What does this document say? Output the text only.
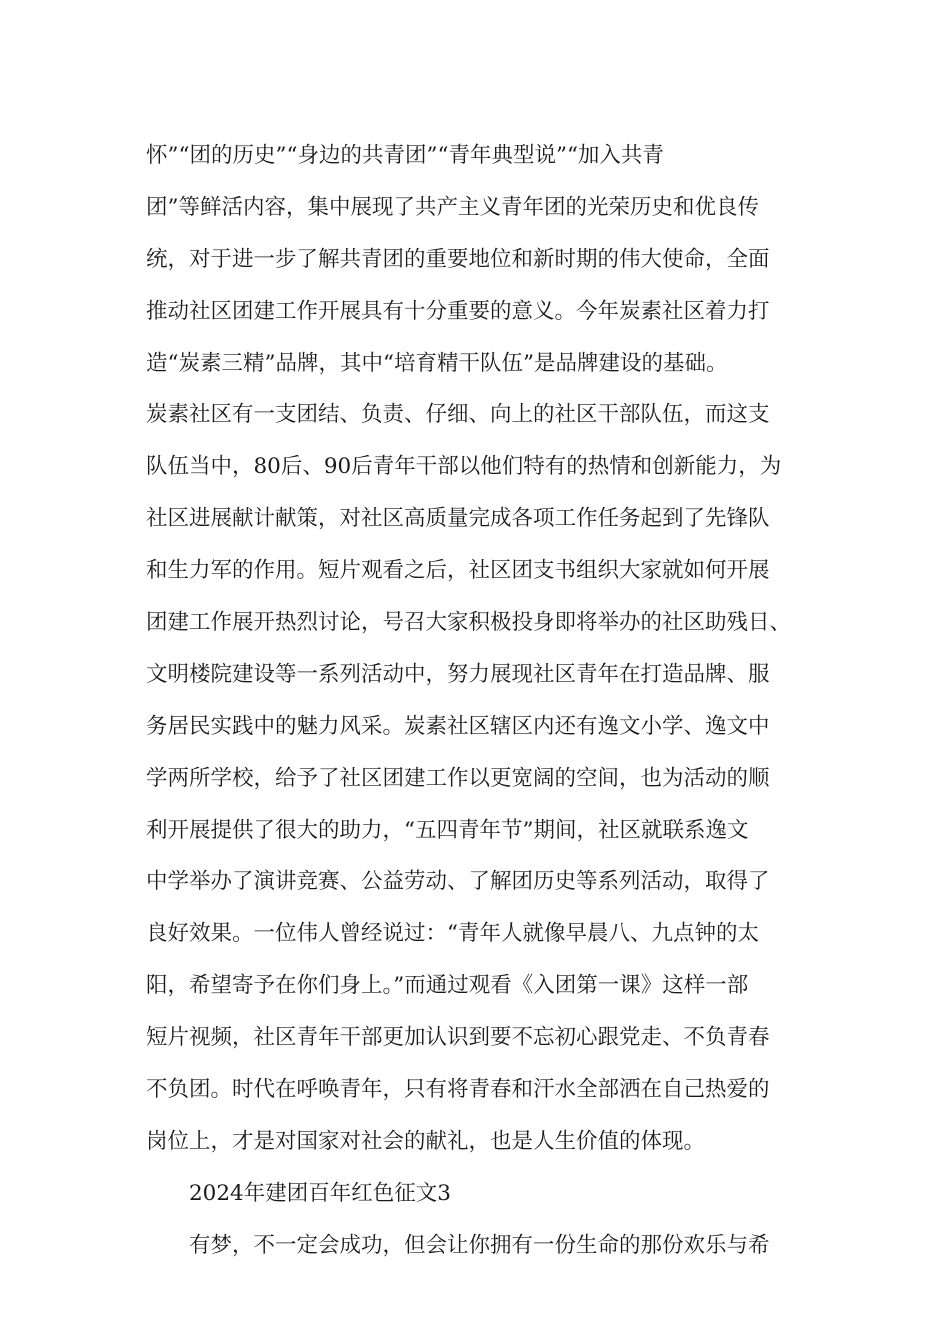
怀”“团的历史”“身边的共青团”“青年典型说”“加入共青
团”等鲜活内容，集中展现了共产主义青年团的光荣历史和优良传
统，对于进一步了解共青团的重要地位和新时期的伟大使命，全面
推动社区团建工作开展具有十分重要的意义。今年炭素社区着力打
造“炭素三精”品牌，其中“培育精干队伍”是品牌建设的基础。
炭素社区有一支团结、负责、仔细、向上的社区干部队伍，而这支
队伍当中，80后、90后青年干部以他们特有的热情和创新能力，为
社区进展献计献策，对社区高质量完成各项工作任务起到了先锋队
和生力军的作用。短片观看之后，社区团支书组织大家就如何开展
团建工作展开热烈讨论，号召大家积极投身即将举办的社区助残日、
文明楼院建设等一系列活动中，努力展现社区青年在打造品牌、服
务居民实践中的魅力风采。炭素社区辖区内还有逸文小学、逸文中
学两所学校，给予了社区团建工作以更宽阔的空间，也为活动的顺
利开展提供了很大的助力，“五四青年节”期间，社区就联系逸文
中学举办了演讲竞赛、公益劳动、了解团历史等系列活动，取得了
良好效果。一位伟人曾经说过：“青年人就像早晨八、九点钟的太
阳，希望寄予在你们身上。”而通过观看《入团第一课》这样一部
短片视频，社区青年干部更加认识到要不忘初心跟党走、不负青春
不负团。时代在呼唤青年，只有将青春和汗水全部洒在自己热爱的
岗位上，才是对国家对社会的献礼，也是人生价值的体现。
2024年建团百年红色征文3
有梦，不一定会成功，但会让你拥有一份生命的那份欢乐与希
